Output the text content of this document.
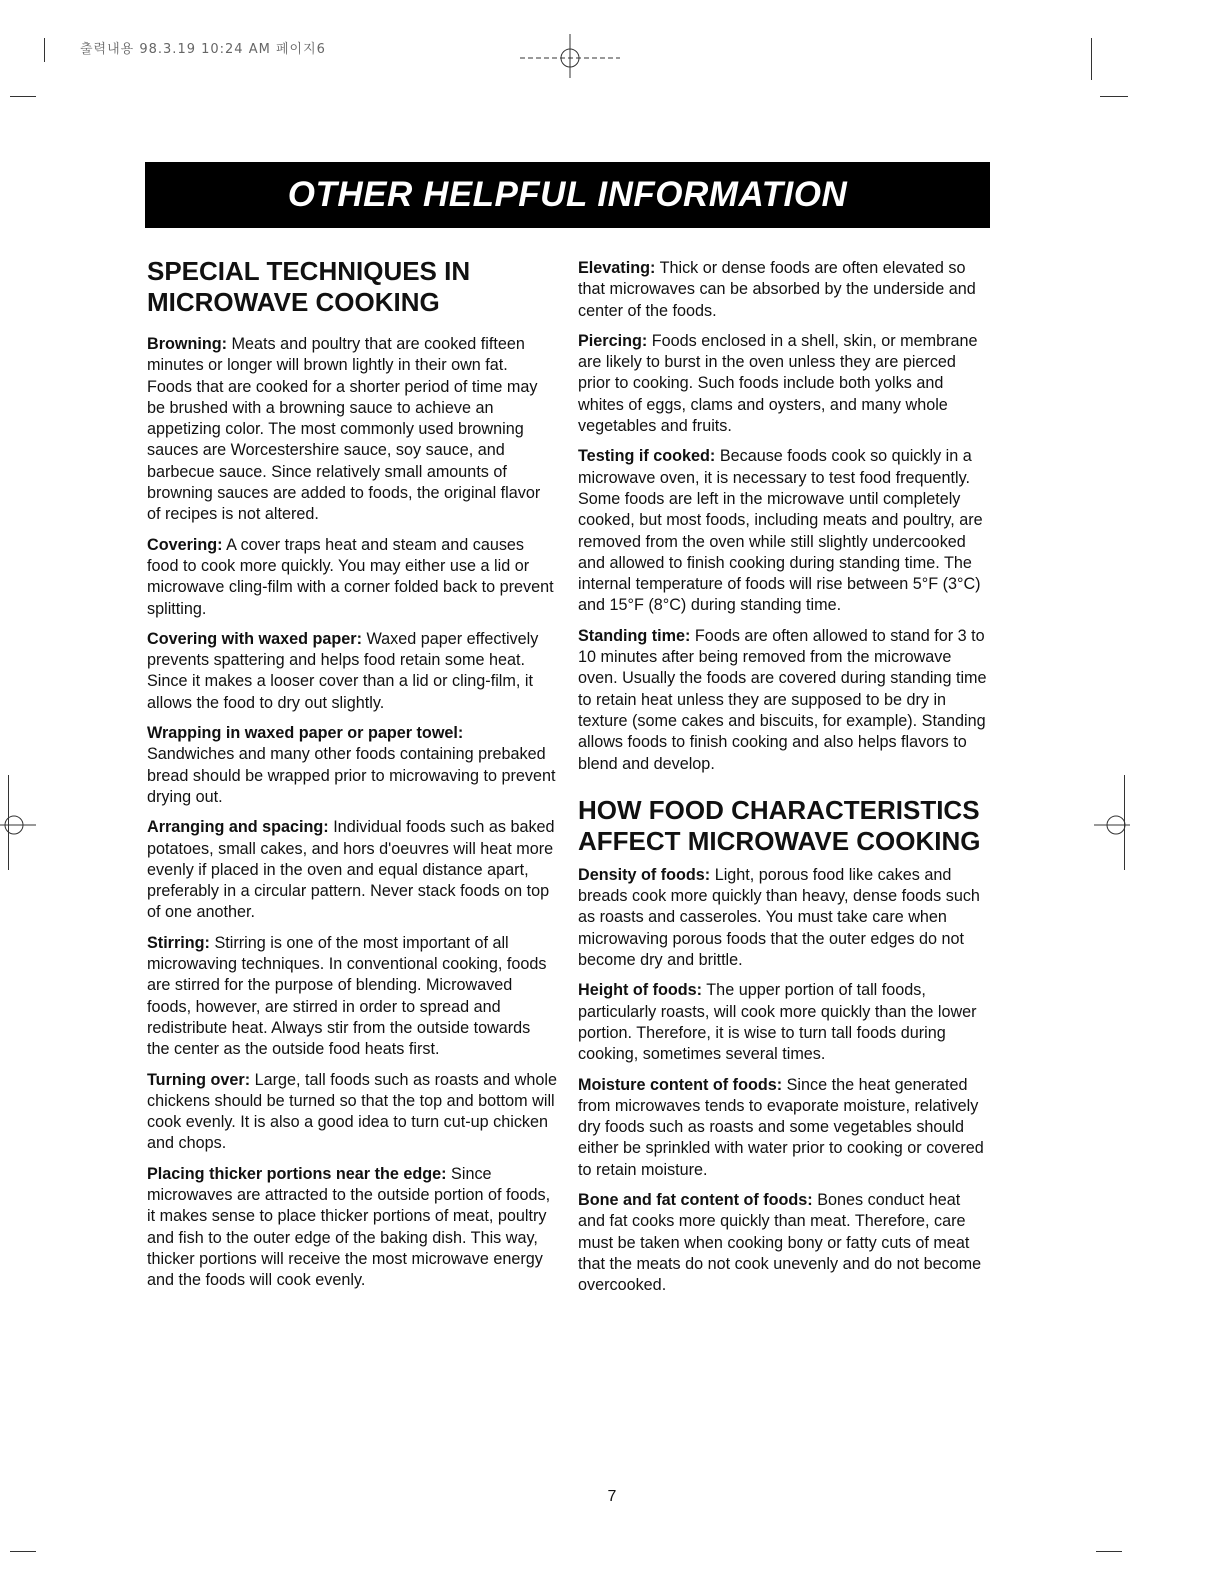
출력내용 98.3.19 10:24 AM 페이지6
OTHER HELPFUL INFORMATION
SPECIAL TECHNIQUES IN MICROWAVE COOKING

Browning: Meats and poultry that are cooked fifteen minutes or longer will brown lightly in their own fat. Foods that are cooked for a shorter period of time may be brushed with a browning sauce to achieve an appetizing color. The most commonly used browning sauces are Worcestershire sauce, soy sauce, and barbecue sauce. Since relatively small amounts of browning sauces are added to foods, the original flavor of recipes is not altered.

Covering: A cover traps heat and steam and causes food to cook more quickly. You may either use a lid or microwave cling-film with a corner folded back to prevent splitting.

Covering with waxed paper: Waxed paper effectively prevents spattering and helps food retain some heat. Since it makes a looser cover than a lid or cling-film, it allows the food to dry out slightly.

Wrapping in waxed paper or paper towel:
Sandwiches and many other foods containing prebaked bread should be wrapped prior to microwaving to prevent drying out.

Arranging and spacing: Individual foods such as baked potatoes, small cakes, and hors d'oeuvres will heat more evenly if placed in the oven and equal distance apart, preferably in a circular pattern. Never stack foods on top of one another.

Stirring: Stirring is one of the most important of all microwaving techniques. In conventional cooking, foods are stirred for the purpose of blending. Microwaved foods, however, are stirred in order to spread and redistribute heat. Always stir from the outside towards the center as the outside food heats first.

Turning over: Large, tall foods such as roasts and whole chickens should be turned so that the top and bottom will cook evenly. It is also a good idea to turn cut-up chicken and chops.

Placing thicker portions near the edge: Since microwaves are attracted to the outside portion of foods, it makes sense to place thicker portions of meat, poultry and fish to the outer edge of the baking dish. This way, thicker portions will receive the most microwave energy and the foods will cook evenly.

Elevating: Thick or dense foods are often elevated so that microwaves can be absorbed by the underside and center of the foods.

Piercing: Foods enclosed in a shell, skin, or membrane are likely to burst in the oven unless they are pierced prior to cooking. Such foods include both yolks and whites of eggs, clams and oysters, and many whole vegetables and fruits.

Testing if cooked: Because foods cook so quickly in a microwave oven, it is necessary to test food frequently. Some foods are left in the microwave until completely cooked, but most foods, including meats and poultry, are removed from the oven while still slightly undercooked and allowed to finish cooking during standing time. The internal temperature of foods will rise between 5°F (3°C) and 15°F (8°C) during standing time.

Standing time: Foods are often allowed to stand for 3 to 10 minutes after being removed from the microwave oven. Usually the foods are covered during standing time to retain heat unless they are supposed to be dry in texture (some cakes and biscuits, for example). Standing allows foods to finish cooking and also helps flavors to blend and develop.

HOW FOOD CHARACTERISTICS AFFECT MICROWAVE COOKING

Density of foods: Light, porous food like cakes and breads cook more quickly than heavy, dense foods such as roasts and casseroles. You must take care when microwaving porous foods that the outer edges do not become dry and brittle.

Height of foods: The upper portion of tall foods, particularly roasts, will cook more quickly than the lower portion. Therefore, it is wise to turn tall foods during cooking, sometimes several times.

Moisture content of foods: Since the heat generated from microwaves tends to evaporate moisture, relatively dry foods such as roasts and some vegetables should either be sprinkled with water prior to cooking or covered to retain moisture.

Bone and fat content of foods: Bones conduct heat and fat cooks more quickly than meat. Therefore, care must be taken when cooking bony or fatty cuts of meat that the meats do not cook unevenly and do not become overcooked.

7
